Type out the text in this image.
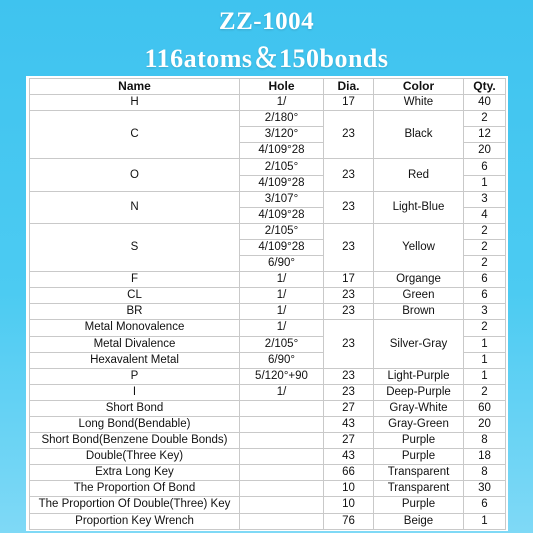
ZZ-1004
116atoms＆150bonds
Name	Hole	Dia.	Color	Qty.
H	1/	17	White	40
C	2/180°	23	Black	2
	3/120°			12
	4/109°28			20
O	2/105°	23	Red	6
	4/109°28			1
N	3/107°	23	Light-Blue	3
	4/109°28			4
S	2/105°	23	Yellow	2
	4/109°28			2
	6/90°			2
F	1/	17	Organge	6
CL	1/	23	Green	6
BR	1/	23	Brown	3
Metal Monovalence	1/	23	Silver-Gray	2
Metal Divalence	2/105°			1
Hexavalent Metal	6/90°			1
P	5/120°+90	23	Light-Purple	1
I	1/	23	Deep-Purple	2
Short Bond		27	Gray-White	60
Long Bond(Bendable)		43	Gray-Green	20
Short Bond(Benzene Double Bonds)		27	Purple	8
Double(Three Key)		43	Purple	18
Extra Long Key		66	Transparent	8
The Proportion Of Bond		10	Transparent	30
The Proportion Of Double(Three) Key		10	Purple	6
Proportion Key Wrench		76	Beige	1
